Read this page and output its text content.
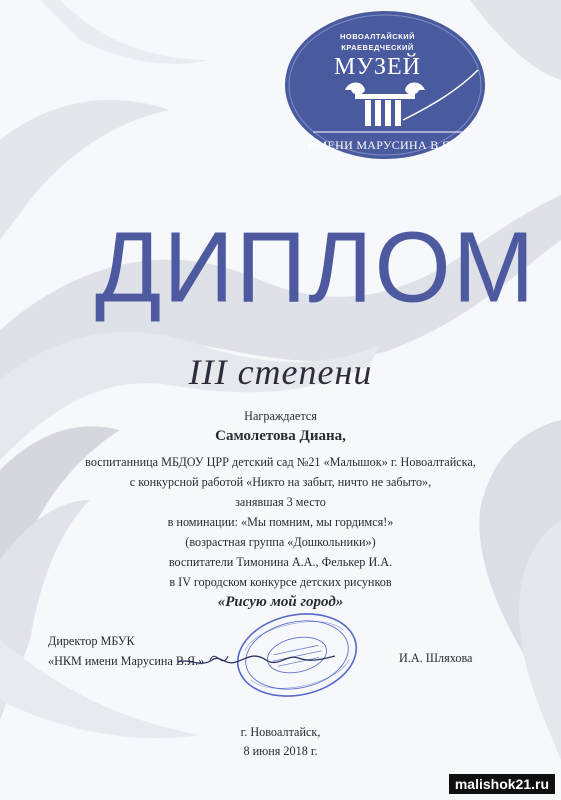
НОВОАЛТАЙСКИЙ
КРАЕВЕДЧЕСКИЙ
МУЗЕЙ
ИМЕНИ МАРУСИНА В.Я.
ДИПЛОМ
III степени
Награждается
Самолетова Диана,
воспитанница МБДОУ ЦРР детский сад №21 «Малышок» г. Новоалтайска,
с конкурсной работой «Никто на забыт, ничто не забыто»,
занявшая 3 место
в номинации: «Мы помним, мы гордимся!»
(возрастная группа «Дошкольники»)
воспитатели Тимонина А.А., Фелькер И.А.
в IV городском конкурсе детских рисунков
«Рисую мой город»
Директор МБУК
«НКМ имени Марусина В.Я.»	И.А. Шляхова
г. Новоалтайск,
8 июня 2018 г.
malishok21.ru
